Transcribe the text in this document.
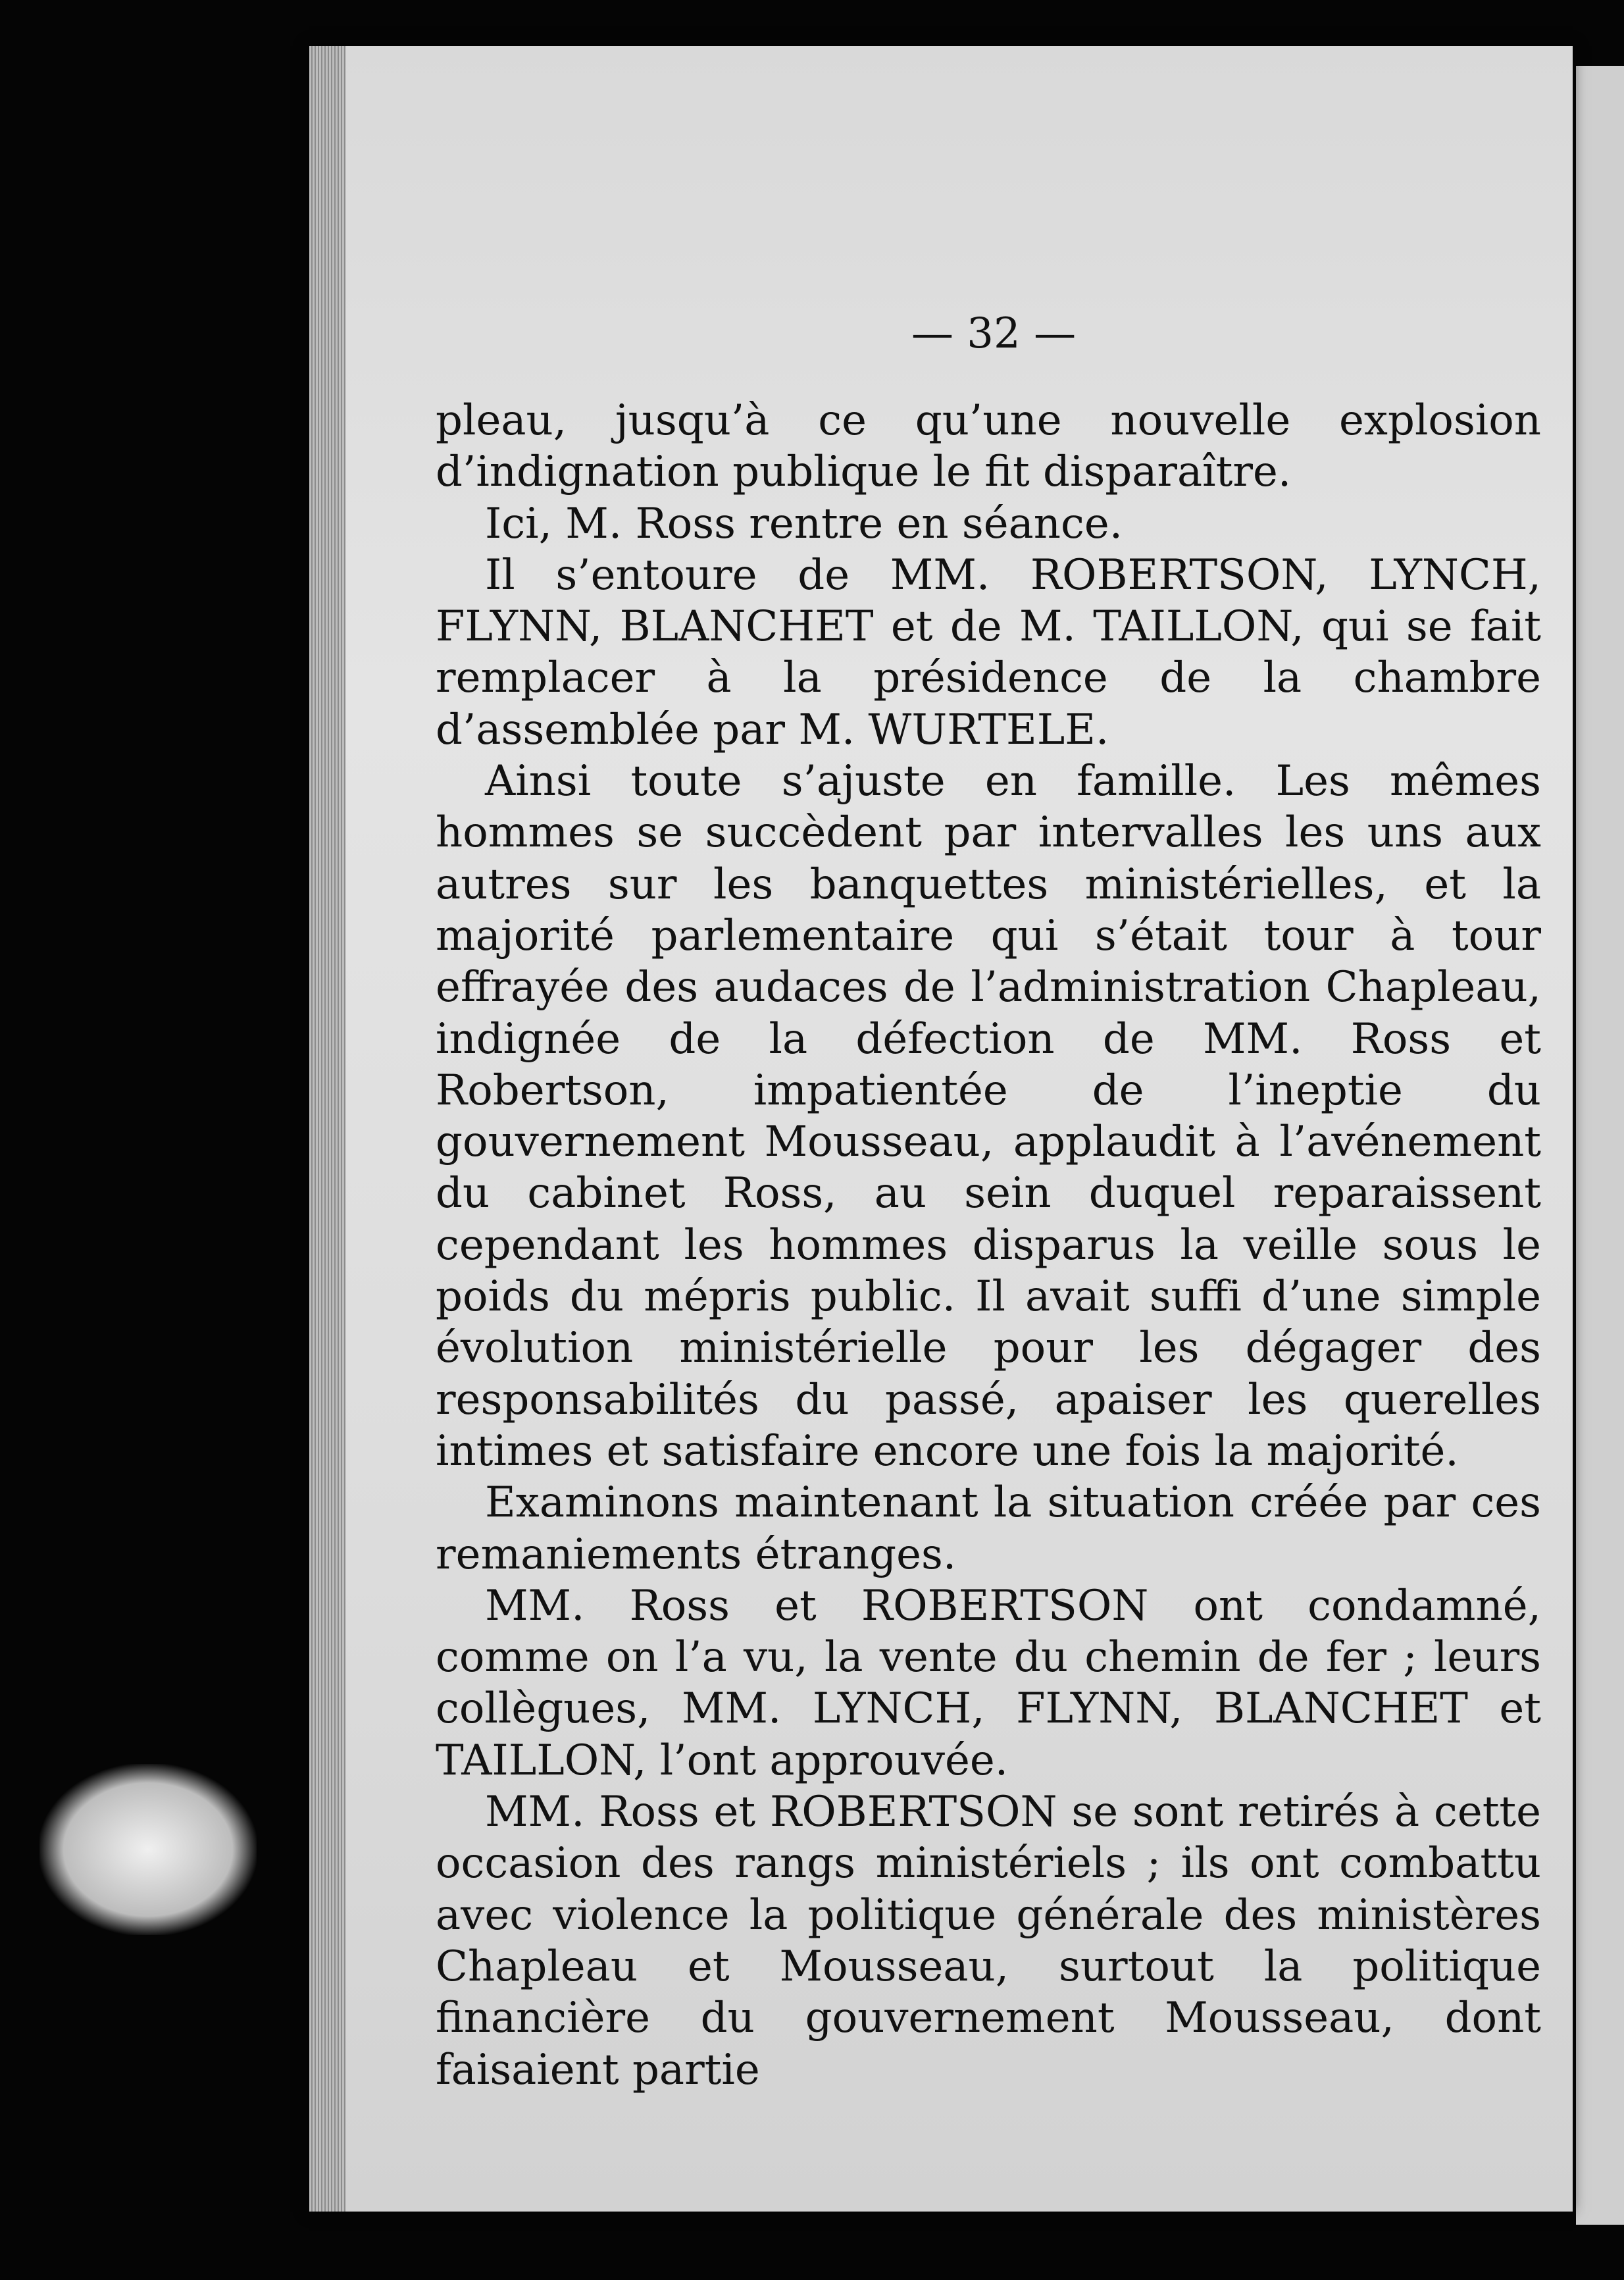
— 32 —

pleau, jusqu’à ce qu’une nouvelle explosion d’indignation publique le fit disparaître.

Ici, M. Ross rentre en séance.

Il s’entoure de MM. ROBERTSON, LYNCH, FLYNN, BLANCHET et de M. TAILLON, qui se fait remplacer à la présidence de la chambre d’assemblée par M. WURTELE.

Ainsi toute s’ajuste en famille. Les mêmes hommes se succèdent par intervalles les uns aux autres sur les banquettes ministérielles, et la majorité parlementaire qui s’était tour à tour effrayée des audaces de l’administration Chapleau, indignée de la défection de MM. Ross et Robertson, impatientée de l’ineptie du gouvernement Mousseau, applaudit à l’avénement du cabinet Ross, au sein duquel reparaissent cependant les hommes disparus la veille sous le poids du mépris public. Il avait suffi d’une simple évolution ministérielle pour les dégager des responsabilités du passé, apaiser les querelles intimes et satisfaire encore une fois la majorité.

Examinons maintenant la situation créée par ces remaniements étranges.

MM. Ross et ROBERTSON ont condamné, comme on l’a vu, la vente du chemin de fer ; leurs collègues, MM. LYNCH, FLYNN, BLANCHET et TAILLON, l’ont approuvée.

MM. Ross et ROBERTSON se sont retirés à cette occasion des rangs ministériels ; ils ont combattu avec violence la politique générale des ministères Chapleau et Mousseau, surtout la politique financière du gouvernement Mousseau, dont faisaient partie
